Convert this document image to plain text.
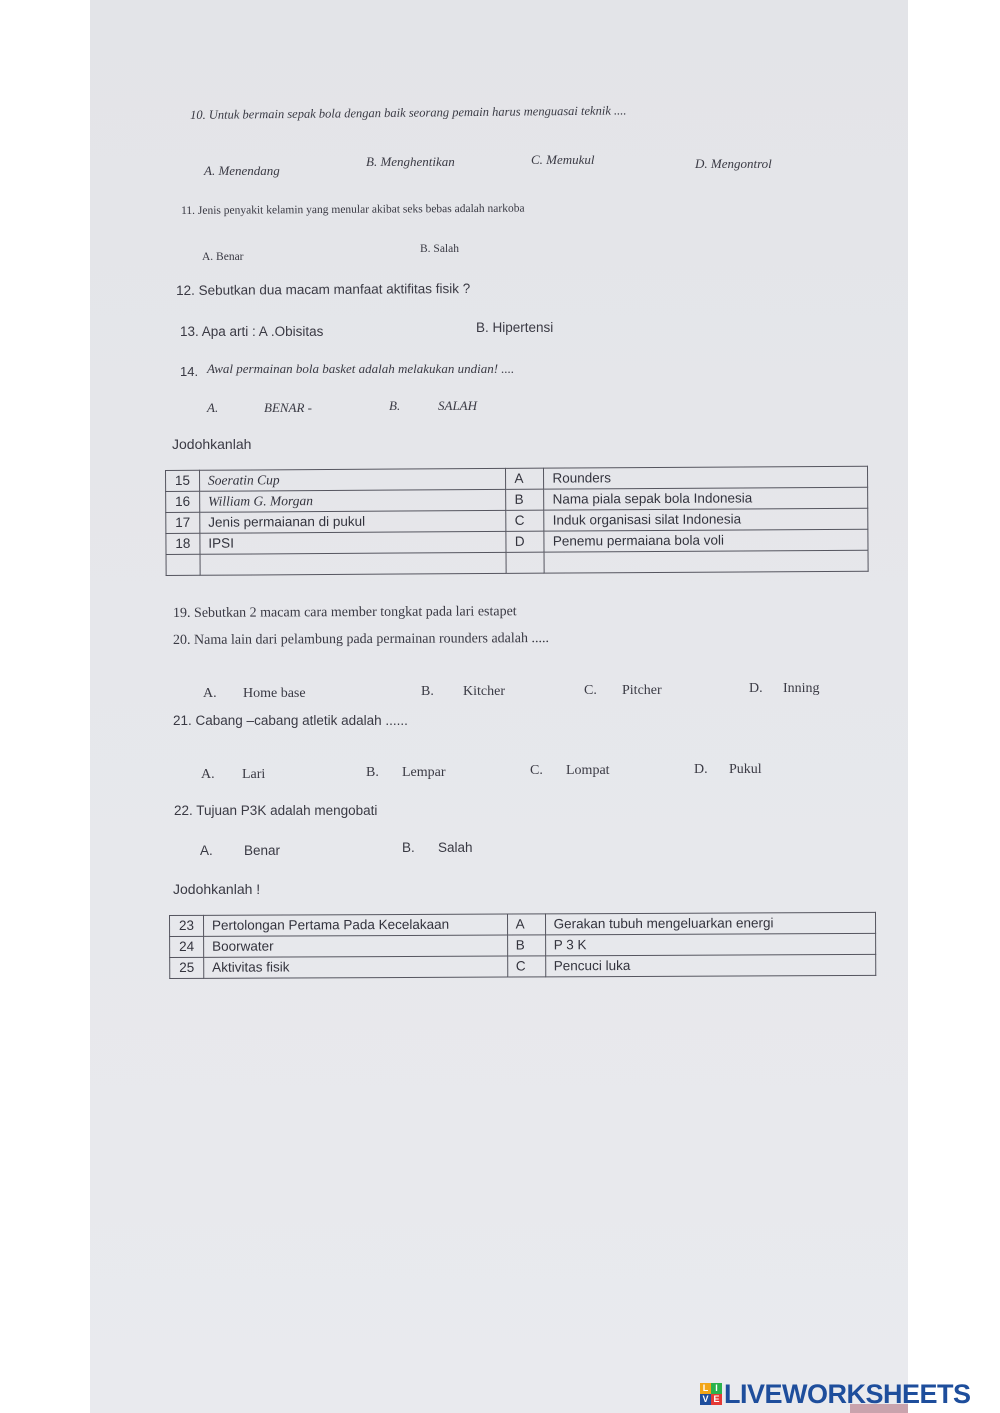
10. Untuk bermain sepak bola dengan baik seorang pemain harus menguasai teknik ....
A. Menendang
B. Menghentikan	C. Memukul	D. Mengontrol
11. Jenis penyakit kelamin yang menular akibat seks bebas adalah narkoba
A. Benar
B. Salah
12. Sebutkan dua macam manfaat aktifitas fisik ?
13. Apa arti : A .Obisitas	B. Hipertensi
14. Awal permainan bola basket adalah melakukan undian! ....
A.	BENAR -	B.	SALAH
Jodohkanlah
15	Soeratin Cup	A	Rounders
16	William G. Morgan	B	Nama piala sepak bola Indonesia
17	Jenis permaianan di pukul	C	Induk organisasi silat Indonesia
18	IPSI	D	Penemu permaiana bola voli

19. Sebutkan 2 macam cara member tongkat pada lari estapet
20. Nama lain dari pelambung pada permainan rounders adalah .....
A. Home base	B. Kitcher	C. Pitcher	D. Inning
21. Cabang –cabang atletik adalah ......
A. Lari	B. Lempar	C. Lompat	D. Pukul
22. Tujuan P3K adalah mengobati
A. Benar	B. Salah
Jodohkanlah !
23	Pertolongan Pertama Pada Kecelakaan	A	Gerakan tubuh mengeluarkan energi
24	Boorwater	B	P 3 K
25	Aktivitas fisik	C	Pencuci luka
L I
V E LIVEWORKSHEETS
